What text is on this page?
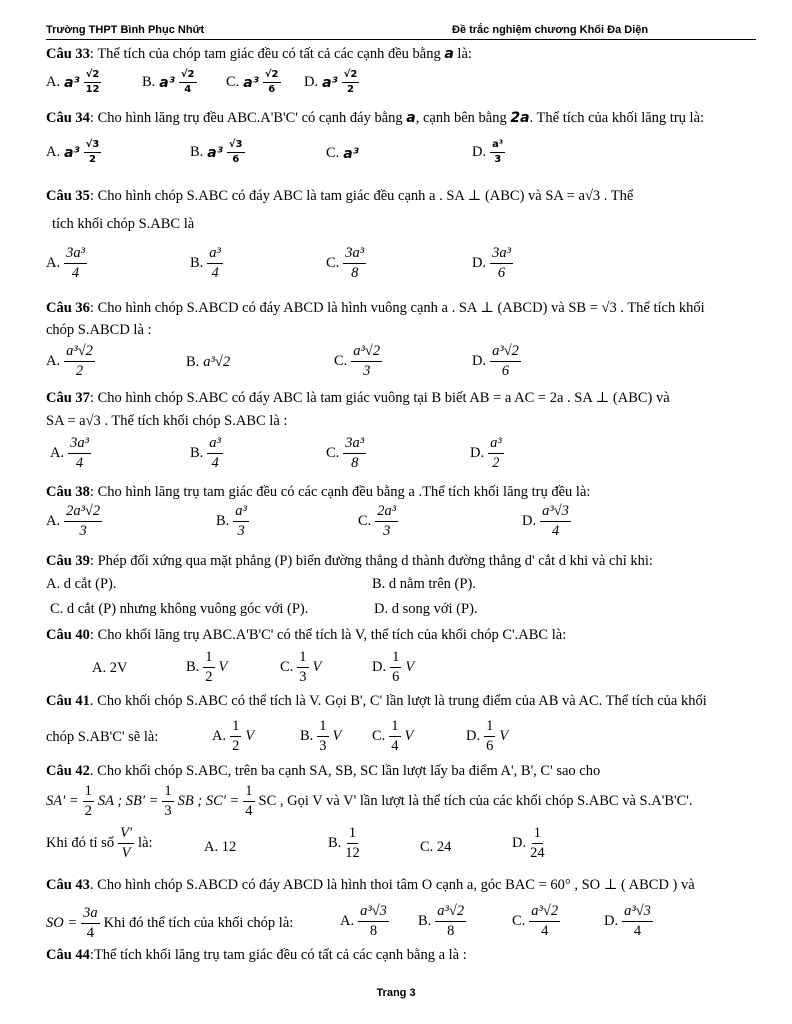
Trường THPT Bình Phục Nhứt	Đề trắc nghiệm chương Khối Đa Diện
Câu 33: Thể tích của chóp tam giác đều có tất cả các cạnh đều bằng a là:
A. $a^3 \frac{√2}{12}$	B. $a^3 \frac{√2}{4} C$. $a^3 \frac{√2}{6} D$. $a^3 \frac{√2}{2}$
Câu 34: Cho hình lăng trụ đều ABC.A'B'C' có cạnh đáy bằng a, cạnh bên bằng 2a. Thể tích của khối lăng trụ là:
A. $a^3 \frac{√3}{2}$	B. $a^3 \frac{√3}{6}$	C. a³	D. $\frac{\text{a³}}{3}$
Câu 35: Cho hình chóp S.ABC có đáy ABC là tam giác đều cạnh a . SA ⊥ (ABC) và SA = a√3 . Thể
tích khối chóp S.ABC là
A. $\frac{\text{3a³}}{4}$	B. $\frac{\text{a³}}{4}$	C. $\frac{\text{3a³}}{8}$	D. $\frac{\text{3a³}}{6}$
Câu 36: Cho hình chóp S.ABCD có đáy ABCD là hình vuông cạnh a . SA ⊥ (ABCD) và SB = √3 . Thể tích khối
chóp S.ABCD là :
A. $\frac{\text{a³√2}}{2}$	B. a³√2	C. $\frac{\text{a³√2}}{3}$	D. $\frac{\text{a³√2}}{6}$
Câu 37: Cho hình chóp S.ABC có đáy ABC là tam giác vuông tại B biết AB = a AC = 2a . SA ⊥ (ABC) và
SA = a√3 . Thể tích khối chóp S.ABC là :
A. $\frac{\text{3a³}}{4}$	B. $\frac{\text{a³}}{4}$	C. $\frac{\text{3a³}}{8}$	D. $\frac{\text{a³}}{2}$
Câu 38: Cho hình lăng trụ tam giác đều có các cạnh đều bằng a .Thể tích khối lăng trụ đều là:
A. $\frac{\text{2a³√2}}{3}$	B. $\frac{\text{a³}}{3}$	C. $\frac{\text{2a³}}{3}$	D. $\frac{\text{a³√3}}{4}$
Câu 39: Phép đối xứng qua mặt phẳng (P) biến đường thẳng d thành đường thẳng d' cắt d khi và chỉ khi:
A. d cắt (P).	B. d nằm trên (P).
C. d cắt (P) nhưng không vuông góc với (P).	D. d song với (P).
Câu 40: Cho khối lăng trụ ABC.A'B'C' có thể tích là V, thể tích của khối chóp C'.ABC là:
A. 2V	B. $\frac{1}{2}$ V	C. $\frac{1}{3}$ V	D. $\frac{1}{6}$ V
Câu 41. Cho khối chóp S.ABC có thể tích là V. Gọi B', C' lần lượt là trung điểm của AB và AC. Thể tích của khối
chóp S.AB'C' sẽ là:	A. $\frac{1}{2}$ V	B. $\frac{1}{3}$ V C. $\frac{1}{4}$ V	D. $\frac{1}{6}$ V
Câu 42. Cho khối chóp S.ABC, trên ba cạnh SA, SB, SC lần lượt lấy ba điểm A', B', C' sao cho
$SA' = \frac{1}{2}$ SA ; $SB' = \frac{1}{3}$ SB ; $SC' = \frac{1}{4}$ SC , Gọi V và V' lần lượt là thể tích của các khối chóp S.ABC và S.A'B'C'.
Khi đó tỉ số $\frac{V'}{V}$ là:	A. 12	B. $\frac{1}{12}$	C. 24	D. $\frac{1}{24}$
Câu 43. Cho hình chóp S.ABCD có đáy ABCD là hình thoi tâm O cạnh a, góc BAC = 60° , SO ⊥ ( ABCD ) và
SO = $\frac{3a}{4}$ Khi đó thể tích của khối chóp là:	A. $\frac{\text{a³√3}}{8} B$. $\frac{\text{a³√2}}{8}$	C. $\frac{\text{a³√2}}{4}$	D. $\frac{\text{a³√3}}{4}$
Câu 44:Thể tích khối lăng trụ tam giác đều có tất cả các cạnh bằng a là :
Trang 3
